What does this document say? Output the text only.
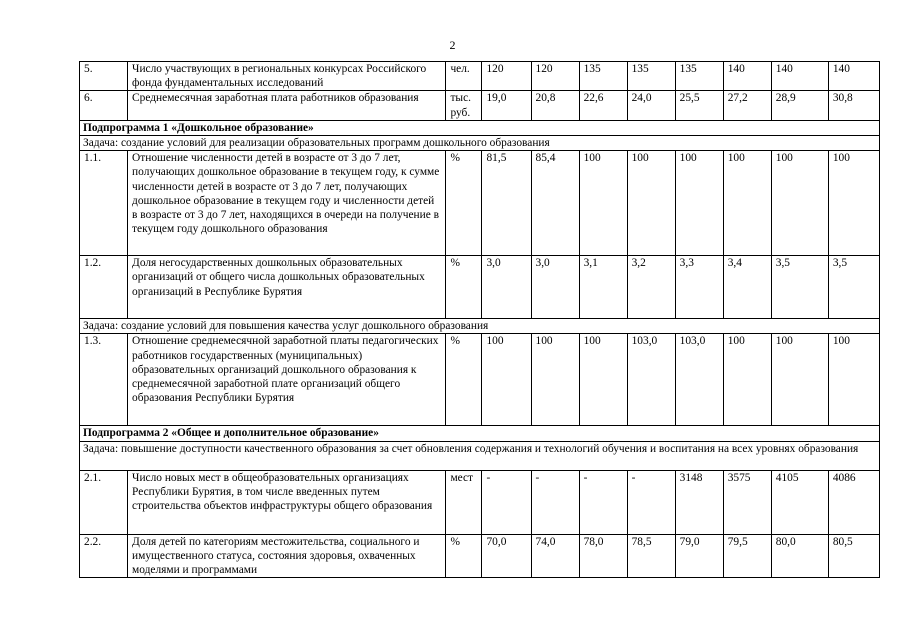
2
5.	Число участвующих в региональных конкурсах Российского фонда фундаментальных исследований	чел.	120	120	135	135	135	140	140	140
6.	Среднемесячная заработная плата работников образования	тыс. руб.	19,0	20,8	22,6	24,0	25,5	27,2	28,9	30,8
Подпрограмма 1 «Дошкольное образование»										
Задача: создание условий для реализации образовательных программ дошкольного образования										
1.1.	Отношение численности детей в возрасте от 3 до 7 лет, получающих дошкольное образование в текущем году, к сумме численности детей в возрасте от 3 до 7 лет, получающих дошкольное образование в текущем году и численности детей в возрасте от 3 до 7 лет, находящихся в очереди на получение в текущем году дошкольного образования	%	81,5	85,4	100	100	100	100	100	100
1.2.	Доля негосударственных дошкольных образовательных организаций от общего числа дошкольных образовательных организаций в Республике Бурятия	%	3,0	3,0	3,1	3,2	3,3	3,4	3,5	3,5
Задача: создание условий для повышения качества услуг дошкольного образования										
1.3.	Отношение среднемесячной заработной платы педагогических работников государственных (муниципальных) образовательных организаций дошкольного образования к среднемесячной заработной плате организаций общего образования Республики Бурятия	%	100	100	100	103,0	103,0	100	100	100
Подпрограмма 2 «Общее и дополнительное образование»										
Задача: повышение доступности качественного образования за счет обновления содержания и технологий обучения и воспитания на всех уровнях образования										
2.1.	Число новых мест в общеобразовательных организациях Республики Бурятия, в том числе введенных путем строительства объектов инфраструктуры общего образования	мест	-	-	-	-	3148	3575	4105	4086
2.2.	Доля детей по категориям местожительства, социального и имущественного статуса, состояния здоровья, охваченных моделями и программами	%	70,0	74,0	78,0	78,5	79,0	79,5	80,0	80,5
